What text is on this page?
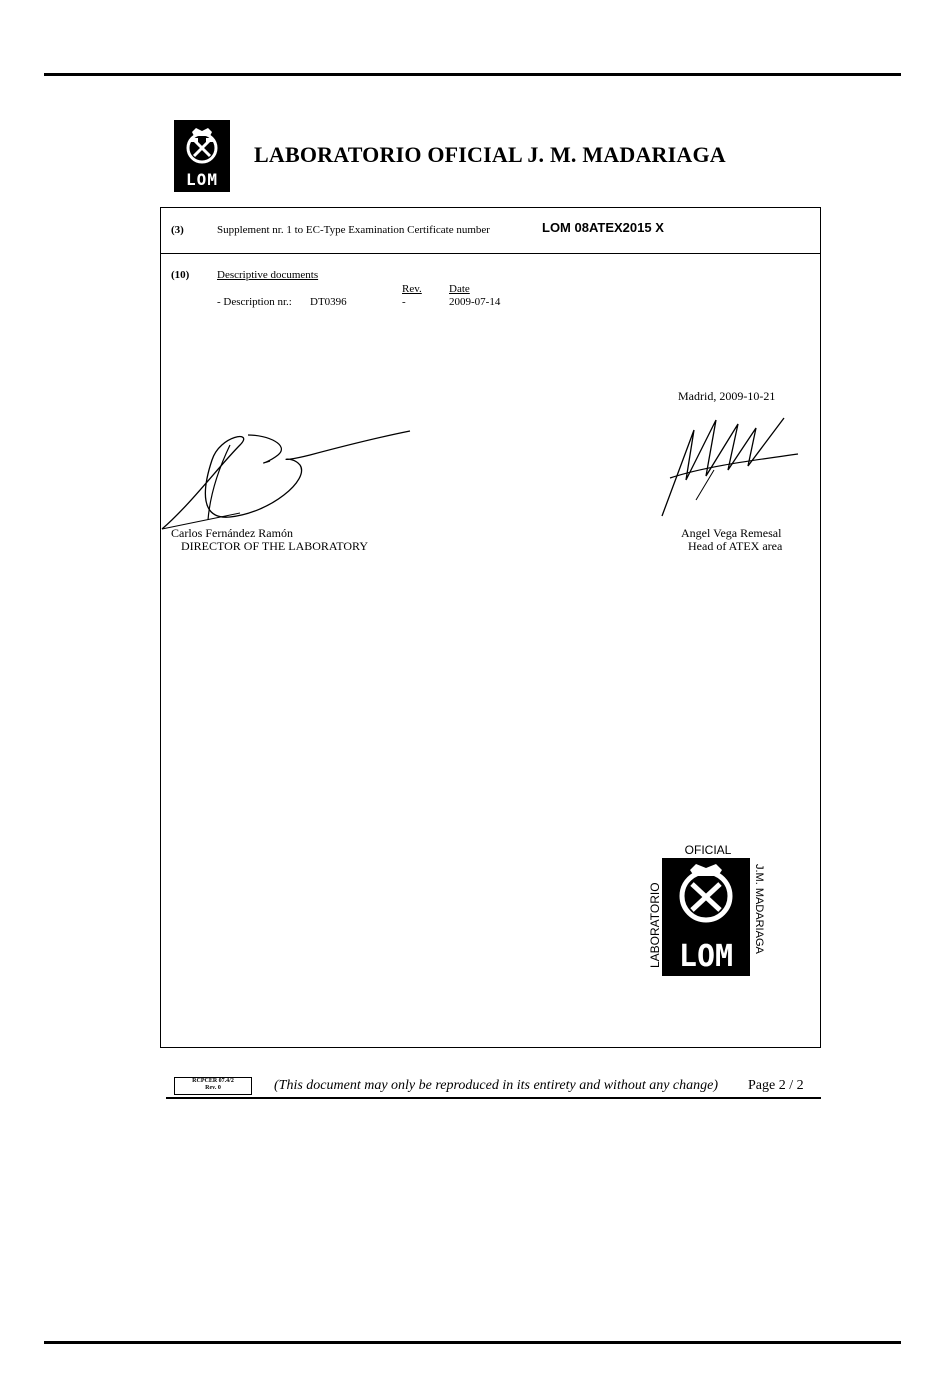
LOM
LABORATORIO OFICIAL J. M. MADARIAGA
(3)	Supplement nr. 1 to EC-Type Examination Certificate number	LOM 08ATEX2015 X
(10)	Descriptive documents
Rev. Date
- Description nr.: DT0396	-	2009-07-14
Madrid, 2009-10-21
Carlos Fernández Ramón
DIRECTOR OF THE LABORATORY
Angel Vega Remesal
Head of ATEX area
OFICIAL
LOM
LABORATORIO	J.M. MADARIAGA
RCPCER 07.4/2
Rev. 0	(This document may only be reproduced in its entirety and without any change) Page 2 / 2
